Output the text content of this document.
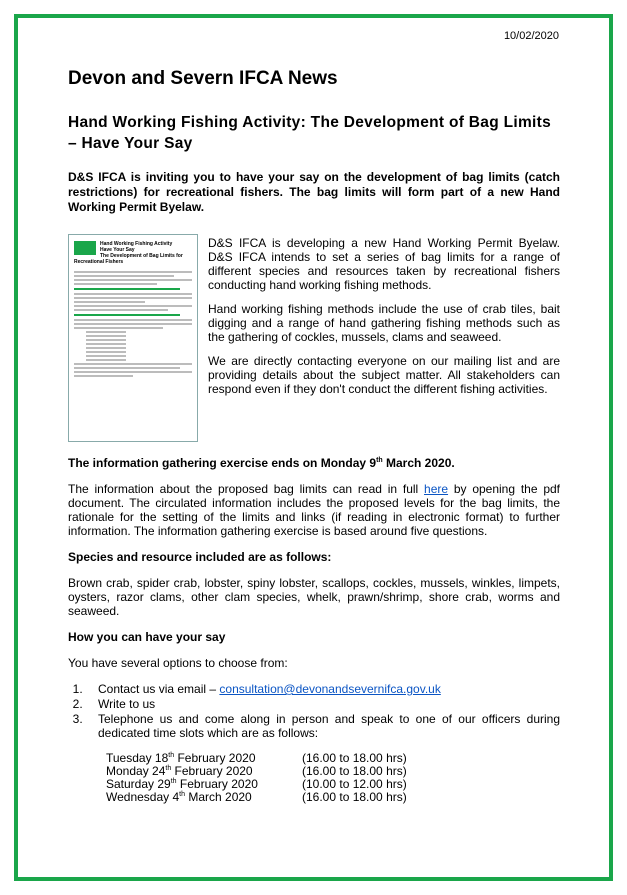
10/02/2020
Devon and Severn IFCA News
Hand Working Fishing Activity: The Development of Bag Limits – Have Your Say
D&S IFCA is inviting you to have your say on the development of bag limits (catch restrictions) for recreational fishers. The bag limits will form part of a new Hand Working Permit Byelaw.
Hand Working Fishing Activity
Have Your Say
The Development of Bag Limits for Recreational Fishers

D&S IFCA is developing a new Hand Working Permit Byelaw. D&S IFCA intends to set a series of bag limits for a range of different species and resources taken by recreational fishers conducting hand working fishing methods.

Hand working fishing methods include the use of crab tiles, bait digging and a range of hand gathering fishing methods such as the gathering of cockles, mussels, clams and seaweed.

We are directly contacting everyone on our mailing list and are providing details about the subject matter. All stakeholders can respond even if they don't conduct the different fishing activities.

The information gathering exercise ends on Monday 9th March 2020.

The information about the proposed bag limits can read in full here by opening the pdf document. The circulated information includes the proposed levels for the bag limits, the rationale for the setting of the limits and links (if reading in electronic format) to further information. The information gathering exercise is based around five questions.

Species and resource included are as follows:

Brown crab, spider crab, lobster, spiny lobster, scallops, cockles, mussels, winkles, limpets, oysters, razor clams, other clam species, whelk, prawn/shrimp, shore crab, worms and seaweed.

How you can have your say

You have several options to choose from:

1. Contact us via email – consultation@devonandsevernifca.gov.uk
2. Write to us
3. Telephone us and come along in person and speak to one of our officers during dedicated time slots which are as follows:
Tuesday 18th February 2020	(16.00 to 18.00 hrs)
Monday 24th February 2020	(16.00 to 18.00 hrs)
Saturday 29th February 2020	(10.00 to 12.00 hrs)
Wednesday 4th March 2020	(16.00 to 18.00 hrs)
